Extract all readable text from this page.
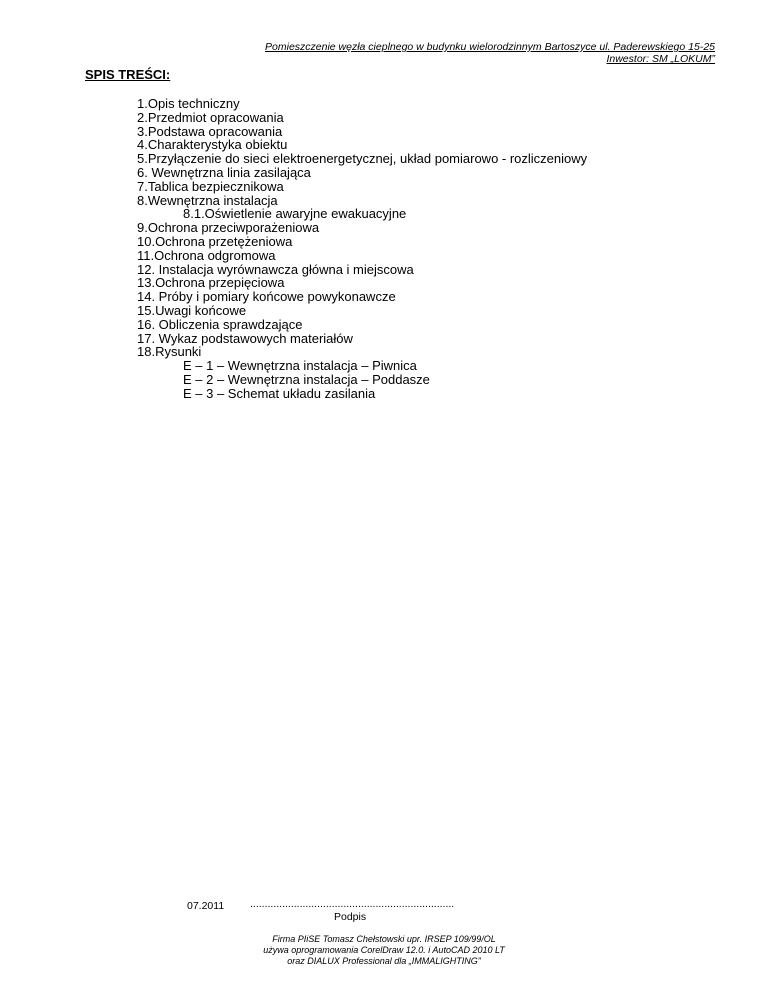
Pomieszczenie węzła cieplnego w budynku wielorodzinnym Bartoszyce ul. Paderewskiego 15-25
Inwestor: SM „LOKUM”
SPIS TREŚCI:
1.Opis techniczny
2.Przedmiot opracowania
3.Podstawa opracowania
4.Charakterystyka obiektu
5.Przyłączenie do sieci elektroenergetycznej, układ pomiarowo - rozliczeniowy
6. Wewnętrzna linia zasilająca
7.Tablica bezpiecznikowa
8.Wewnętrzna instalacja
8.1.Oświetlenie awaryjne ewakuacyjne
9.Ochrona przeciwporażeniowa
10.Ochrona przetężeniowa
11.Ochrona odgromowa
12. Instalacja wyrównawcza główna i miejscowa
13.Ochrona przepięciowa
14. Próby i pomiary końcowe powykonawcze
15.Uwagi końcowe
16. Obliczenia sprawdzające
17. Wykaz podstawowych materiałów
18.Rysunki
E – 1 – Wewnętrzna instalacja – Piwnica
E – 2 – Wewnętrzna instalacja – Poddasze
E – 3 – Schemat układu zasilania
07.2011 ......................................................................
Podpis
Firma PIiSE Tomasz Chełstowski upr. IRSEP 109/99/OL
używa oprogramowania CorelDraw 12.0. i AutoCAD 2010 LT
oraz DIALUX Professional dla „IMMALIGHTING”
